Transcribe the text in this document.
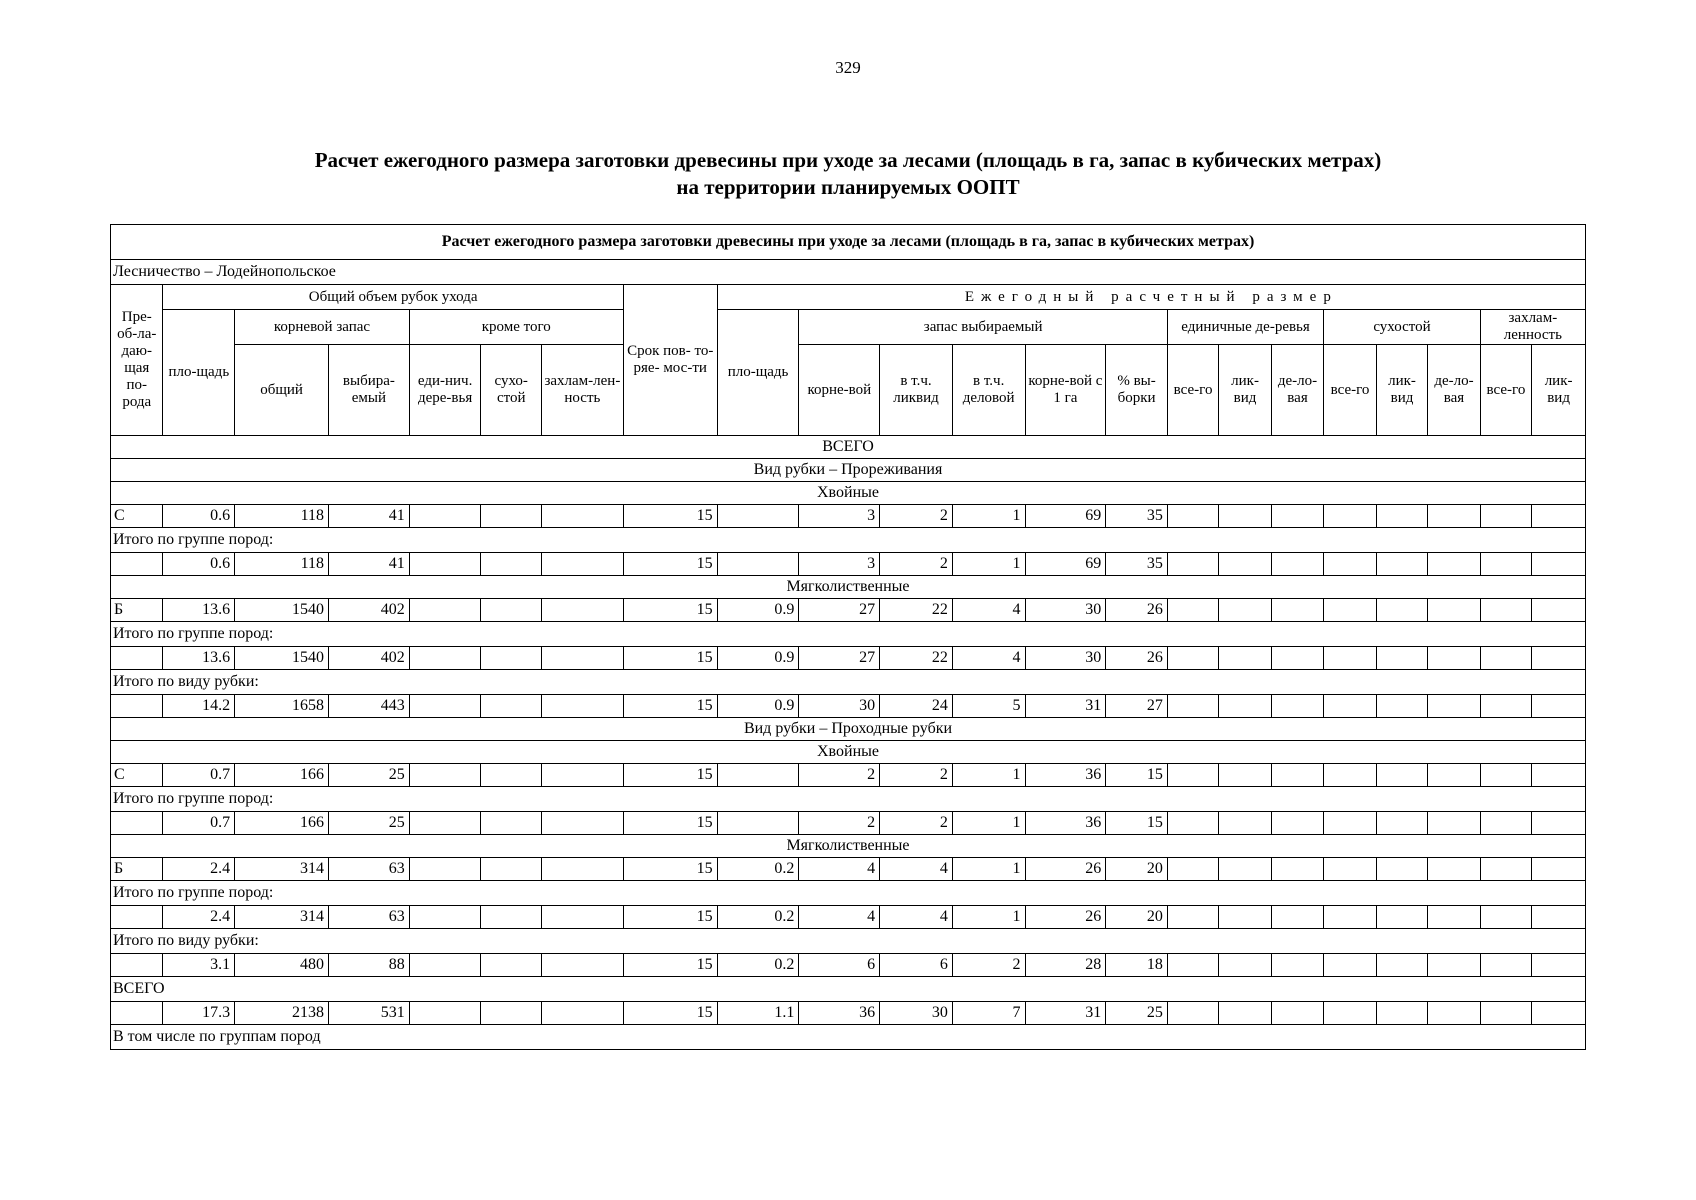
329
Расчет ежегодного размера заготовки древесины при уходе за лесами (площадь в га, запас в кубических метрах)
на территории планируемых ООПТ
Расчет ежегодного размера заготовки древесины при уходе за лесами (площадь в га, запас в кубических метрах)																					
Лесничество – Лодейнопольское																					
Пре-об-ла-даю-щая по-рода	Общий объем рубок ухода						Срок пов- то-ряе- мос-ти	Ежегодный расчетный размер													
	пло-щадь	корневой запас		кроме того				пло-щадь	запас выбираемый					единичные де-ревья			сухостой			захлам-ленность	
		общий	выбира-емый	еди-нич. дере-вья	сухо-стой	захлам-лен-ность			корне-вой	в т.ч. ликвид	в т.ч. деловой	корне-вой с 1 га	% вы-борки	все-го	лик-вид	де-ло-вая	все-го	лик-вид	де-ло-вая	все-го	лик-вид
ВСЕГО																					
Вид рубки – Прореживания																					
Хвойные																					
С	0.6	118	41				15		3	2	1	69	35								
Итого по группе пород:																					
	0.6	118	41				15		3	2	1	69	35								
Мягколиственные																					
Б	13.6	1540	402				15	0.9	27	22	4	30	26								
Итого по группе пород:																					
	13.6	1540	402				15	0.9	27	22	4	30	26								
Итого по виду рубки:																					
	14.2	1658	443				15	0.9	30	24	5	31	27								
Вид рубки – Проходные рубки																					
Хвойные																					
С	0.7	166	25				15		2	2	1	36	15								
Итого по группе пород:																					
	0.7	166	25				15		2	2	1	36	15								
Мягколиственные																					
Б	2.4	314	63				15	0.2	4	4	1	26	20								
Итого по группе пород:																					
	2.4	314	63				15	0.2	4	4	1	26	20								
Итого по виду рубки:																					
	3.1	480	88				15	0.2	6	6	2	28	18								
ВСЕГО																					
	17.3	2138	531				15	1.1	36	30	7	31	25								
В том числе по группам пород																					
